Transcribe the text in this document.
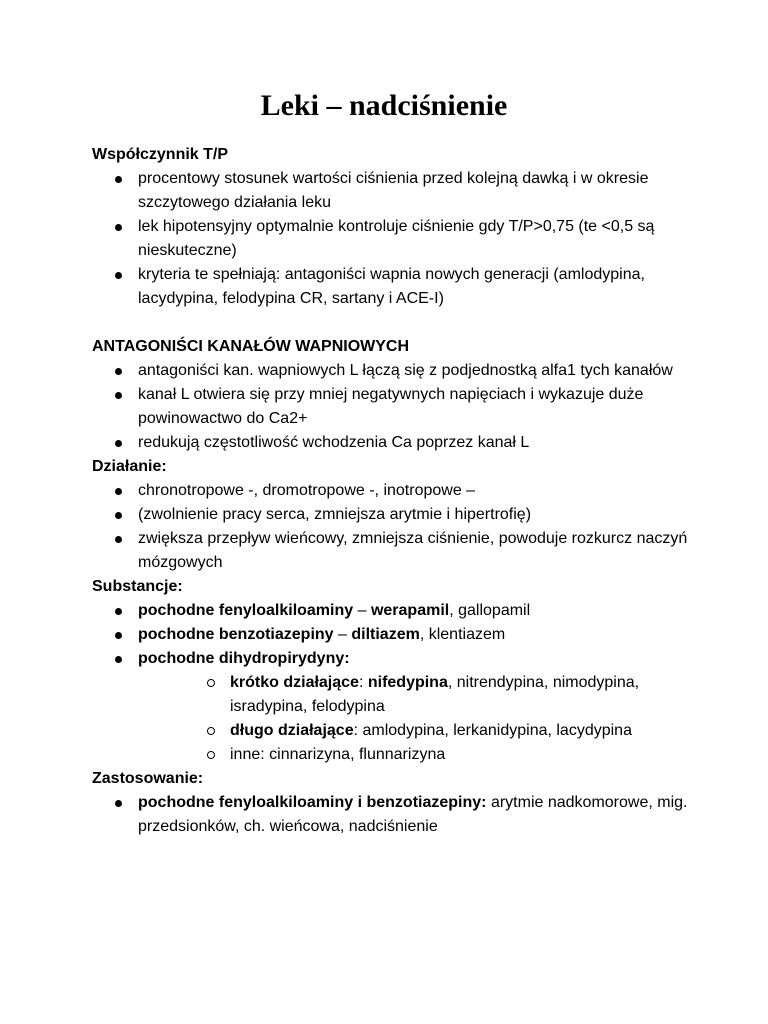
Leki – nadciśnienie
Współczynnik T/P
procentowy stosunek wartości ciśnienia przed kolejną dawką i w okresie szczytowego działania leku
lek hipotensyjny optymalnie kontroluje ciśnienie gdy T/P>0,75 (te <0,5 są nieskuteczne)
kryteria te spełniają: antagoniści wapnia nowych generacji (amlodypina, lacydypina, felodypina CR, sartany i ACE-I)
ANTAGONIŚCI KANAŁÓW WAPNIOWYCH
antagoniści kan. wapniowych L łączą się z podjednostką alfa1 tych kanałów
kanał L otwiera się przy mniej negatywnych napięciach i wykazuje duże powinowactwo do Ca2+
redukują częstotliwość wchodzenia Ca poprzez kanał L
Działanie:
chronotropowe -, dromotropowe -, inotropowe –
(zwolnienie pracy serca, zmniejsza arytmie i hipertrofię)
zwiększa przepływ wieńcowy, zmniejsza ciśnienie, powoduje rozkurcz naczyń mózgowych
Substancje:
pochodne fenyloalkiloaminy – werapamil, gallopamil
pochodne benzotiazepiny – diltiazem, klentiazem
pochodne dihydropirydyny:
krótko działające: nifedypina, nitrendypina, nimodypina, isradypina, felodypina
długo działające: amlodypina, lerkanidypina, lacydypina
inne: cinnarizyna, flunnarizyna
Zastosowanie:
pochodne fenyloalkiloaminy i benzotiazepiny: arytmie nadkomorowe, mig. przedsionków, ch. wieńcowa, nadciśnienie
